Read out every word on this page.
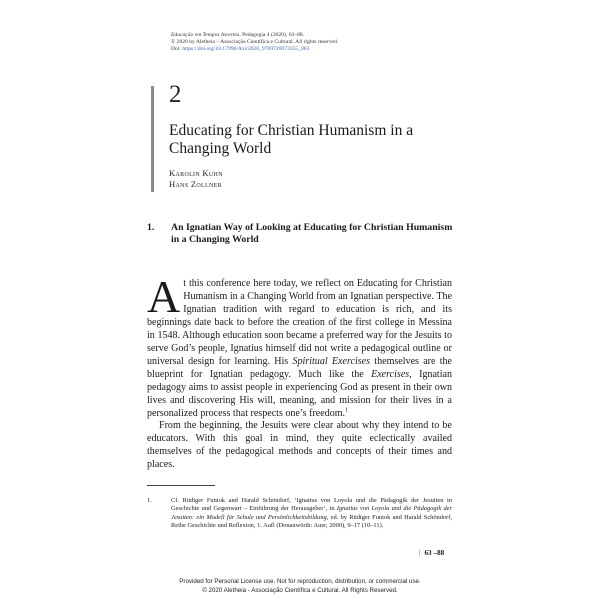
Educação em Tempos Incertos. Pedagogia 4 (2020), 63–88.
© 2020 by Aletheia – Associação Científica e Cultural. All rights reserved.
Doi: https://doi.org/10.17990/Axi/2020_9789726973355_063
2
Educating for Christian Humanism in a Changing World
Karolin Kuhn
Hans Zollner
1. An Ignatian Way of Looking at Educating for Christian Humanism in a Changing World

At this conference here today, we reflect on Educating for Christian Humanism in a Changing World from an Ignatian perspective. The Ignatian tradition with regard to education is rich, and its beginnings date back to before the creation of the first college in Messina in 1548. Although education soon became a preferred way for the Jesuits to serve God’s people, Ignatius himself did not write a pedagogical outline or universal design for learning. His Spiritual Exercises themselves are the blueprint for Ignatian pedagogy. Much like the Exercises, Ignatian pedagogy aims to assist people in experiencing God as present in their own lives and discovering His will, meaning, and mission for their lives in a personalized process that respects one’s freedom.$^1$

From the beginning, the Jesuits were clear about why they intend to be educators. With this goal in mind, they quite eclectically availed themselves of the pedagogical methods and concepts of their times and places.

1.	Cf. Rüdiger Funiok and Harald Schöndorf, ‘Ignatius von Loyola und die Pädagogik der Jesuiten in Geschichte und Gegenwart – Einführung der Herausgeber’, in Ignatius von Loyola und die Pädagogik der Jesuiten: ein Modell für Schule und Persönlichkeitsbildung, ed. by Rüdiger Funiok and Harald Schöndorf, Reihe Geschichte und Reflexion, 1. Aufl (Donauwörth: Auer, 2000), 9–17 (10–11).
| 63 –88
Provided for Personal License use. Not for reproduction, distribution, or commercial use.
© 2020 Aletheia - Associação Científica e Cultural. All Rights Reserved.
